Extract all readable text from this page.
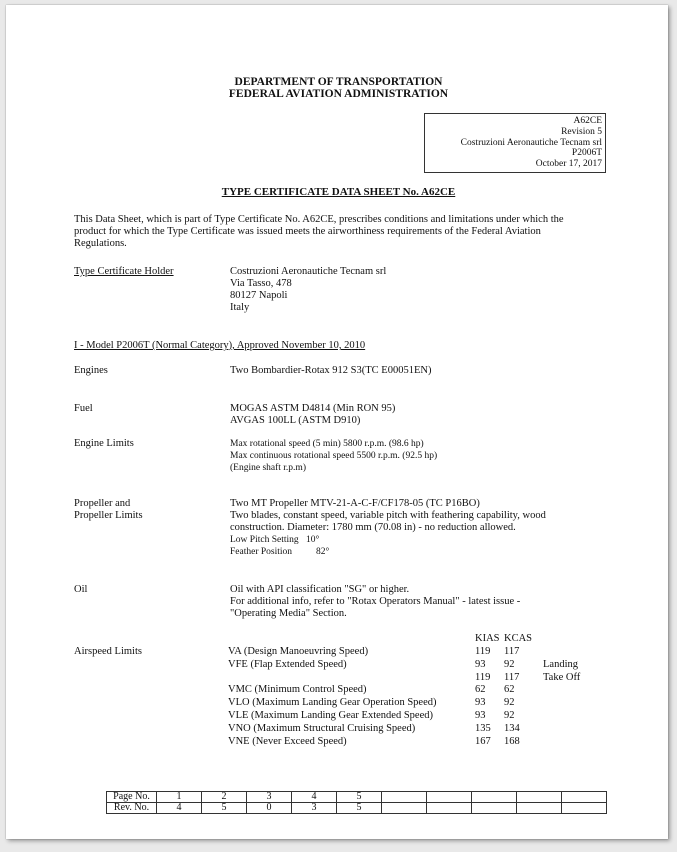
DEPARTMENT OF TRANSPORTATION
FEDERAL AVIATION ADMINISTRATION
A62CE
Revision 5
Costruzioni Aeronautiche Tecnam srl
P2006T
October 17, 2017
TYPE CERTIFICATE DATA SHEET No. A62CE
This Data Sheet, which is part of Type Certificate No. A62CE, prescribes conditions and limitations under which the
product for which the Type Certificate was issued meets the airworthiness requirements of the Federal Aviation
Regulations.
Type Certificate Holder	Costruzioni Aeronautiche Tecnam srl
Via Tasso, 478
80127 Napoli
Italy
I - Model P2006T (Normal Category), Approved November 10, 2010
Engines	Two Bombardier-Rotax 912 S3(TC E00051EN)
Fuel	MOGAS ASTM D4814 (Min RON 95)
AVGAS 100LL (ASTM D910)
Engine Limits	Max rotational speed (5 min) 5800 r.p.m. (98.6 hp)
Max continuous rotational speed 5500 r.p.m. (92.5 hp)
(Engine shaft r.p.m)
Propeller and
Propeller Limits
Two MT Propeller MTV-21-A-C-F/CF178-05 (TC P16BO)
Two blades, constant speed, variable pitch with feathering capability, wood
construction. Diameter: 1780 mm (70.08 in) - no reduction allowed.
Low Pitch Setting 10°
Feather Position	82°
Oil	Oil with API classification "SG" or higher.
For additional info, refer to "Rotax Operators Manual" - latest issue -
"Operating Media" Section.
KIAS KCAS
Airspeed Limits	VA (Design Manoeuvring Speed)	119 117
VFE (Flap Extended Speed)	93 92	Landing
119 117 Take Off
VMC (Minimum Control Speed)	62 62
VLO (Maximum Landing Gear Operation Speed)	93 92
VLE (Maximum Landing Gear Extended Speed)	93 92
VNO (Maximum Structural Cruising Speed)	135 134
VNE (Never Exceed Speed)	167 168
Page No.	1	2	3	4	5					
Rev. No.	4	5	0	3	5					
